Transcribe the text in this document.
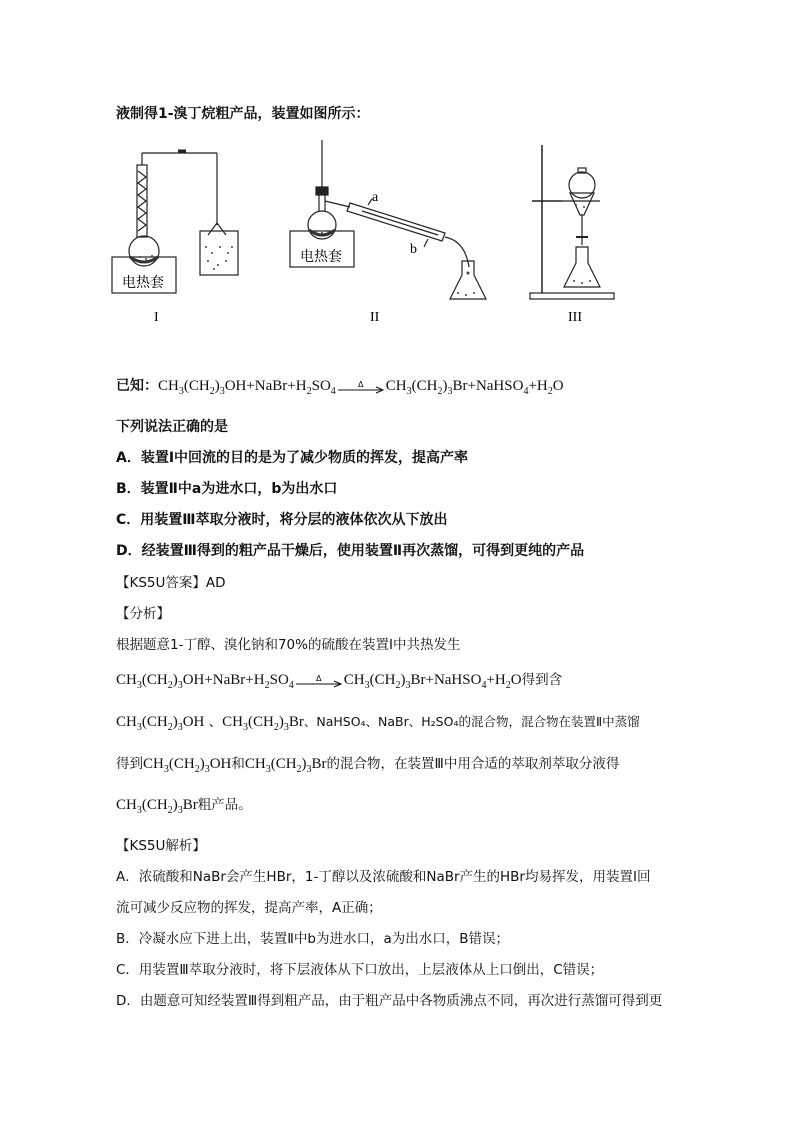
液制得1-溴丁烷粗产品，装置如图所示：
电热套
电热套
a
b
I	II	III
已知：$CH_3(CH_2)_3OH+NaBr+H_2SO_4$
Δ $CH_3(CH_2)_3Br+NaHSO_4+H_2O$
下列说法正确的是
A．装置Ⅰ中回流的目的是为了减少物质的挥发，提高产率
B．装置Ⅱ中a为进水口，b为出水口
C．用装置Ⅲ萃取分液时，将分层的液体依次从下放出
D．经装置Ⅲ得到的粗产品干燥后，使用装置Ⅱ再次蒸馏，可得到更纯的产品
【KS5U答案】AD
【分析】
根据题意1-丁醇、溴化钠和70%的硫酸在装置Ⅰ中共热发生
$CH_3(CH_2)_3OH+NaBr+H_2SO_4$
Δ $CH_3(CH_2)_3Br+NaHSO_4+H_2O$得到含
$CH_3(CH_2)_3OH$ 、$CH_3(CH_2)_3Br$、NaHSO₄、NaBr、H₂SO₄的混合物，混合物在装置Ⅱ中蒸馏
得到$CH_3(CH_2)_3OH$和$CH_3(CH_2)_3Br$的混合物，在装置Ⅲ中用合适的萃取剂萃取分液得
$CH_3(CH_2)_3Br$粗产品。
【KS5U解析】
A．浓硫酸和NaBr会产生HBr，1-丁醇以及浓硫酸和NaBr产生的HBr均易挥发，用装置Ⅰ回
流可减少反应物的挥发，提高产率，A正确；
B．冷凝水应下进上出，装置Ⅱ中b为进水口，a为出水口，B错误；
C．用装置Ⅲ萃取分液时，将下层液体从下口放出，上层液体从上口倒出，C错误；
D．由题意可知经装置Ⅲ得到粗产品，由于粗产品中各物质沸点不同，再次进行蒸馏可得到更
